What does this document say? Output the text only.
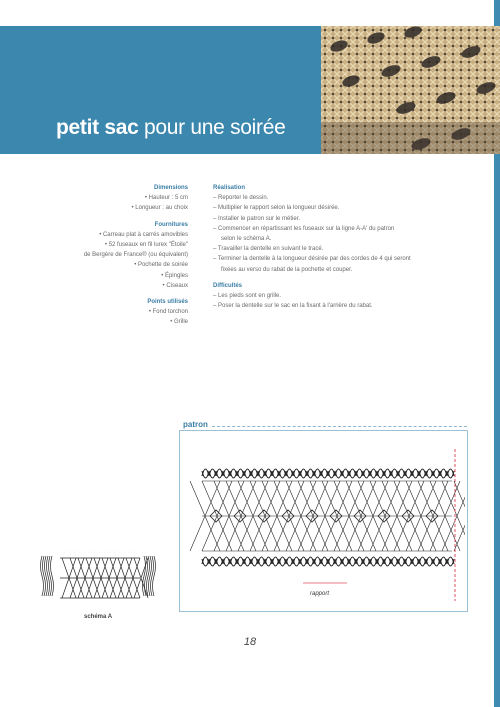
petit sac pour une soirée
Dimensions
• Hauteur : 5 cm
• Longueur : au choix
Fournitures
• Carreau plat à carrés amovibles
• 52 fuseaux en fil lurex "Étoile"
de Bergère de France® (ou équivalent)
• Pochette de soirée
• Épingles
• Ciseaux
Points utilisés
• Fond torchon
• Grille
Réalisation
– Reporter le dessin.
– Multiplier le rapport selon la longueur désirée.
– Installer le patron sur le métier.
– Commencer en répartissant les fuseaux sur la ligne A-A' du patron
selon le schéma A.
– Travailler la dentelle en suivant le tracé.
– Terminer la dentelle à la longueur désirée par des cordes de 4 qui seront
fixées au verso du rabat de la pochette et couper.
Difficultés
– Les pieds sont en grille.
– Poser la dentelle sur le sac en la fixant à l'arrière du rabat.
patron
rapport
schéma A
18
